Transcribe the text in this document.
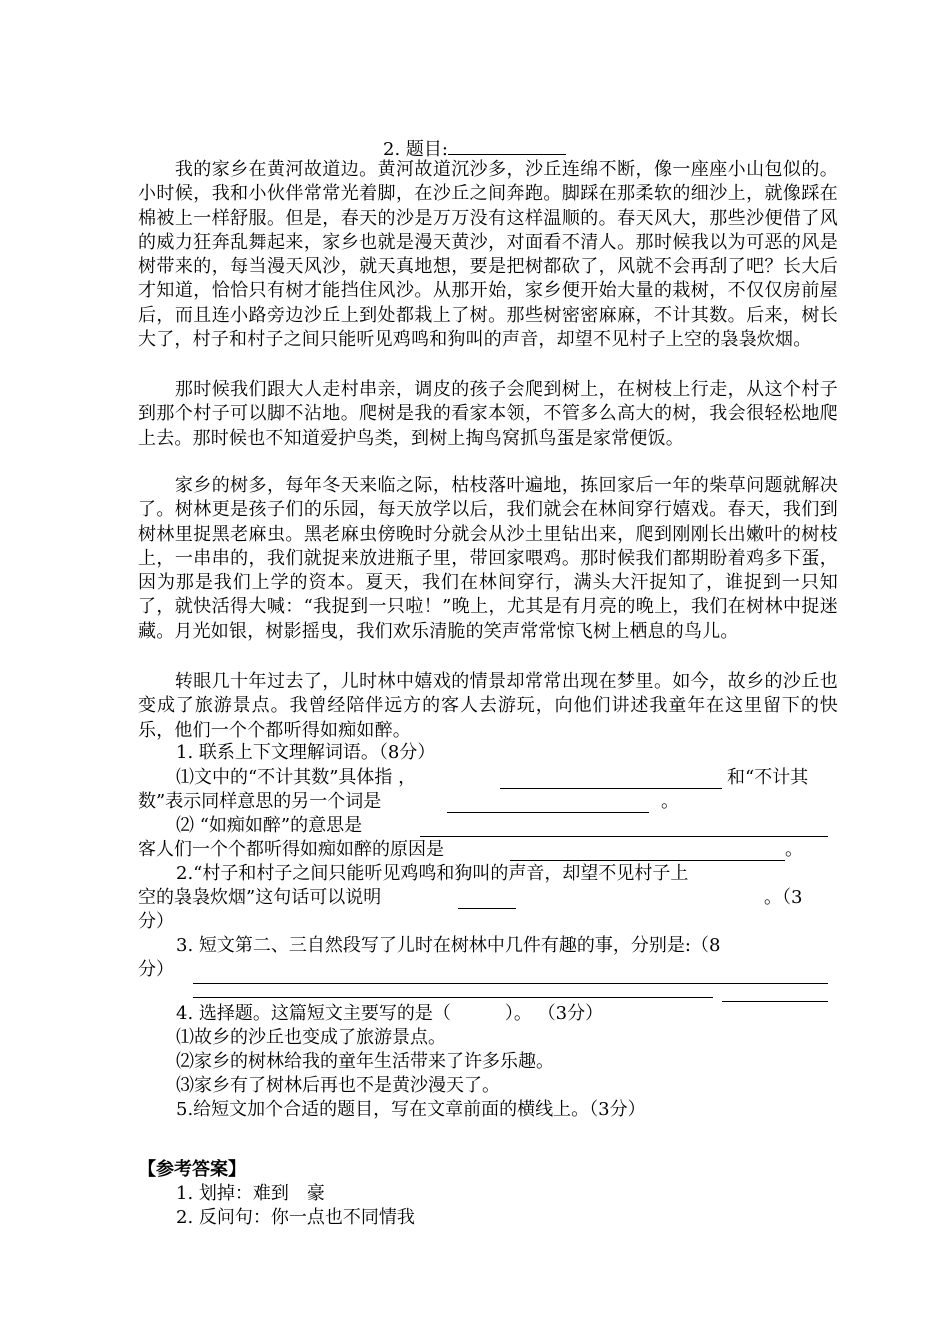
2. 题目:
　　我的家乡在黄河故道边。黄河故道沉沙多，沙丘连绵不断，像一座座小山包似的。小时候，我和小伙伴常常光着脚，在沙丘之间奔跑。脚踩在那柔软的细沙上，就像踩在棉被上一样舒服。但是，春天的沙是万万没有这样温顺的。春天风大，那些沙便借了风的威力狂奔乱舞起来，家乡也就是漫天黄沙，对面看不清人。那时候我以为可恶的风是树带来的，每当漫天风沙，就天真地想，要是把树都砍了，风就不会再刮了吧？长大后才知道，恰恰只有树才能挡住风沙。从那开始，家乡便开始大量的栽树，不仅仅房前屋后，而且连小路旁边沙丘上到处都栽上了树。那些树密密麻麻，不计其数。后来，树长大了，村子和村子之间只能听见鸡鸣和狗叫的声音，却望不见村子上空的袅袅炊烟。
　　那时候我们跟大人走村串亲，调皮的孩子会爬到树上，在树枝上行走，从这个村子到那个村子可以脚不沾地。爬树是我的看家本领，不管多么高大的树，我会很轻松地爬上去。那时候也不知道爱护鸟类，到树上掏鸟窝抓鸟蛋是家常便饭。
　　家乡的树多，每年冬天来临之际，枯枝落叶遍地，拣回家后一年的柴草问题就解决了。树林更是孩子们的乐园，每天放学以后，我们就会在林间穿行嬉戏。春天，我们到树林里捉黑老麻虫。黑老麻虫傍晚时分就会从沙土里钻出来，爬到刚刚长出嫩叶的树枝上，一串串的，我们就捉来放进瓶子里，带回家喂鸡。那时候我们都期盼着鸡多下蛋，因为那是我们上学的资本。夏天，我们在林间穿行，满头大汗捉知了，谁捉到一只知了，就快活得大喊：“我捉到一只啦！”晚上，尤其是有月亮的晚上，我们在树林中捉迷藏。月光如银，树影摇曳，我们欢乐清脆的笑声常常惊飞树上栖息的鸟儿。
　　转眼几十年过去了，儿时林中嬉戏的情景却常常出现在梦里。如今，故乡的沙丘也变成了旅游景点。我曾经陪伴远方的客人去游玩，向他们讲述我童年在这里留下的快乐，他们一个个都听得如痴如醉。
1. 联系上下文理解词语。（8分）
⑴文中的“不计其数”具体指 ，	和“不计其
数”表示同样意思的另一个词是	。
⑵ “如痴如醉”的意思是
客人们一个个都听得如痴如醉的原因是	。
2.“村子和村子之间只能听见鸡鸣和狗叫的声音，却望不见村子上
空的袅袅炊烟”这句话可以说明	。（3
分）
3. 短文第二、三自然段写了儿时在树林中几件有趣的事，分别是:（8
分）
4. 选择题。这篇短文主要写的是（　　　）。 （3分）
⑴故乡的沙丘也变成了旅游景点。
⑵家乡的树林给我的童年生活带来了许多乐趣。
⑶家乡有了树林后再也不是黄沙漫天了。
5.给短文加个合适的题目，写在文章前面的横线上。（3分）
【参考答案】
1. 划掉：难到　豪
2. 反问句：你一点也不同情我
